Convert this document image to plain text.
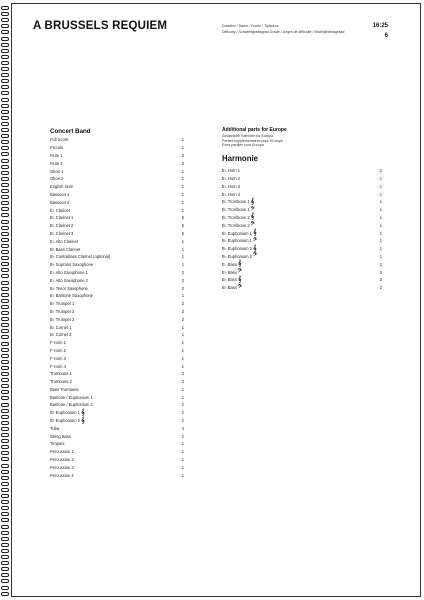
A BRUSSELS REQUIEM	Duration / Dauer / Durée / Tijdsduur
Difficulty / Schwierigkeitsgrad Grade / Degré de difficulté / Moeilijkheidsgraad
16:25
6
Concert Band
Full Score	1
Piccolo	1
Flute 1	2
Flute 2	2
Oboe 1	1
Oboe 2	1
English Horn	1
Bassoon 1	1
Bassoon 2	1
E♭ Clarinet	1
B♭ Clarinet 1	5
B♭ Clarinet 2	5
B♭ Clarinet 3	5
E♭ Alto Clarinet	1
B♭ Bass Clarinet	1
B♭ Contrabass Clarinet (optional)	1
B♭ Soprano Saxophone	1
E♭ Alto Saxophone 1	2
E♭ Alto Saxophone 2	2
B♭ Tenor Saxophone	2
E♭ Baritone Saxophone	1
B♭ Trumpet 1	2
B♭ Trumpet 2	2
B♭ Trumpet 3	2
B♭ Cornet 1	1
B♭ Cornet 2	1
F Horn 1	1
F Horn 2	1
F Horn 3	1
F Horn 4	1
Trombone 1	2
Trombone 2	2
Bass Trombone	1
Baritone / Euphonium 1	1
Baritone / Euphonium 2	1
B♭ Euphonium 1 𝄞	1
B♭ Euphonium 2 𝄞	1
Tuba	4
String Bass	1
Timpani	1
Percussion 1	1
Percussion 2	1
Percussion 3	1
Percussion 4	1
Additional parts for Europe
Zusätzliche Stimmen für Europa
Parties supplémentaires pour l'Europe
Extra partijen voor Europa
Harmonie
E♭ Horn 1	2
E♭ Horn 2	1
E♭ Horn 3	1
E♭ Horn 4	1
B♭ Trombone 1 𝄞	1
B♭ Trombone 1 𝄢	1
B♭ Trombone 2 𝄞	1
B♭ Trombone 2 𝄢	1
B♭ Euphonium 1 𝄞	1
B♭ Euphonium 1 𝄢	1
B♭ Euphonium 2 𝄞	1
B♭ Euphonium 2 𝄢	1
E♭ Bass 𝄞	2
E♭ Bass 𝄢	2
B♭ Bass 𝄞	2
B♭ Bass 𝄢	2
